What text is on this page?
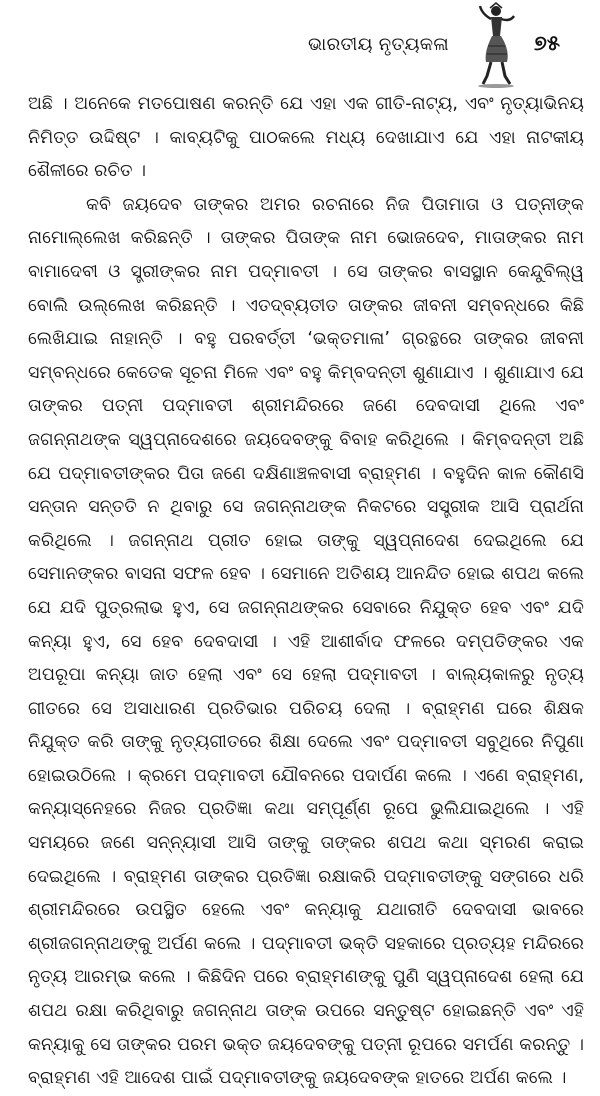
ଭାରତୀୟ ନୃତ୍ୟକଳା	୭୫

ଅଛି । ଅନେକେ ମତପୋଷଣ କରନ୍ତି ଯେ ଏହା ଏକ ଗୀତି-ନାଟ୍ୟ, ଏବଂ ନୃତ୍ୟାଭିନୟ ନିମିତ୍ତ ଉଦ୍ଦିଷ୍ଟ । କାବ୍ୟଟିକୁ ପାଠକଲେ ମଧ୍ୟ ଦେଖାଯାଏ ଯେ ଏହା ନାଟକୀୟ ଶୈଳୀରେ ରଚିତ ।

କବି ଜୟଦେବ ତାଙ୍କର ଅମର ରଚନାରେ ନିଜ ପିତାମାତା ଓ ପତ୍ନୀଙ୍କ ନାମୋଲ୍ଲେଖ କରିଛନ୍ତି । ତାଙ୍କର ପିତାଙ୍କ ନାମ ଭୋଜଦେବ, ମାତାଙ୍କର ନାମ ବାମାଦେବୀ ଓ ସ୍ତ୍ରୀଙ୍କର ନାମ ପଦ୍ମାବତୀ । ସେ ତାଙ୍କର ବାସସ୍ଥାନ କେନ୍ଦୁବିଲ୍ୱ ବୋଲି ଉଲ୍ଲେଖ କରିଛନ୍ତି । ଏତଦ୍‌ବ୍ୟତୀତ ତାଙ୍କର ଜୀବନୀ ସମ୍ବନ୍ଧରେ କିଛି ଲେଖିଯାଇ ନାହାନ୍ତି । ବହୁ ପରବର୍ତ୍ତୀ ‘ଭକ୍ତମାଳା’ ଗ୍ରନ୍ଥରେ ତାଙ୍କର ଜୀବନୀ ସମ୍ବନ୍ଧରେ କେତେକ ସୂଚନା ମିଳେ ଏବଂ ବହୁ କିମ୍ବଦନ୍ତୀ ଶୁଣାଯାଏ । ଶୁଣାଯାଏ ଯେ ତାଙ୍କର ପତ୍ନୀ ପଦ୍ମାବତୀ ଶ୍ରୀମନ୍ଦିରରେ ଜଣେ ଦେବଦାସୀ ଥିଲେ ଏବଂ ଜଗନ୍ନାଥଙ୍କ ସ୍ୱପ୍ନାଦେଶରେ ଜୟଦେବଙ୍କୁ ବିବାହ କରିଥିଲେ । କିମ୍ବଦନ୍ତୀ ଅଛି ଯେ ପଦ୍ମାବତୀଙ୍କର ପିତା ଜଣେ ଦକ୍ଷିଣାଞ୍ଚଳବାସୀ ବ୍ରାହ୍ମଣ । ବହୁଦିନ କାଳ କୌଣସି ସନ୍ତାନ ସନ୍ତତି ନ ଥିବାରୁ ସେ ଜଗନ୍ନାଥଙ୍କ ନିକଟରେ ସସ୍ତ୍ରୀକ ଆସି ପ୍ରାର୍ଥନା କରିଥିଲେ । ଜଗନ୍ନାଥ ପ୍ରୀତ ହୋଇ ତାଙ୍କୁ ସ୍ୱପ୍ନାଦେଶ ଦେଇଥିଲେ ଯେ ସେମାନଙ୍କର ବାସନା ସଫଳ ହେବ । ସେମାନେ ଅତିଶୟ ଆନନ୍ଦିତ ହୋଇ ଶପଥ କଲେ ଯେ ଯଦି ପୁତ୍ରଲାଭ ହୁଏ, ସେ ଜଗନ୍ନାଥଙ୍କର ସେବାରେ ନିଯୁକ୍ତ ହେବ ଏବଂ ଯଦି କନ୍ୟା ହୁଏ, ସେ ହେବ ଦେବଦାସୀ । ଏହି ଆଶୀର୍ବାଦ ଫଳରେ ଦମ୍ପତିଙ୍କର ଏକ ଅପରୂପା କନ୍ୟା ଜାତ ହେଲା ଏବଂ ସେ ହେଲା ପଦ୍ମାବତୀ । ବାଲ୍ୟକାଳରୁ ନୃତ୍ୟ ଗୀତରେ ସେ ଅସାଧାରଣ ପ୍ରତିଭାର ପରିଚୟ ଦେଲା । ବ୍ରାହ୍ମଣ ଘରେ ଶିକ୍ଷକ ନିଯୁକ୍ତ କରି ତାଙ୍କୁ ନୃତ୍ୟଗୀତରେ ଶିକ୍ଷା ଦେଲେ ଏବଂ ପଦ୍ମାବତୀ ସବୁଥିରେ ନିପୁଣା ହୋଇଉଠିଲେ । କ୍ରମେ ପଦ୍ମାବତୀ ଯୌବନରେ ପଦାର୍ପଣ କଲେ । ଏଣେ ବ୍ରାହ୍ମଣ, କନ୍ୟାସ୍ନେହରେ ନିଜର ପ୍ରତିଜ୍ଞା କଥା ସମ୍ପୂର୍ଣ୍ଣ ରୂପେ ଭୁଲିଯାଇଥିଲେ । ଏହି ସମୟରେ ଜଣେ ସନ୍ନ୍ୟାସୀ ଆସି ତାଙ୍କୁ ତାଙ୍କର ଶପଥ କଥା ସ୍ମରଣ କରାଇ ଦେଇଥିଲେ । ବ୍ରାହ୍ମଣ ତାଙ୍କର ପ୍ରତିଜ୍ଞା ରକ୍ଷାକରି ପଦ୍ମାବତୀଙ୍କୁ ସଙ୍ଗରେ ଧରି ଶ୍ରୀମନ୍ଦିରରେ ଉପସ୍ଥିତ ହେଲେ ଏବଂ କନ୍ୟାକୁ ଯଥାରୀତି ଦେବଦାସୀ ଭାବରେ ଶ୍ରୀଜଗନ୍ନାଥଙ୍କୁ ଅର୍ପଣ କଲେ । ପଦ୍ମାବତୀ ଭକ୍ତି ସହକାରେ ପ୍ରତ୍ୟହ ମନ୍ଦିରରେ ନୃତ୍ୟ ଆରମ୍ଭ କଲେ । କିଛିଦିନ ପରେ ବ୍ରାହ୍ମଣଙ୍କୁ ପୁଣି ସ୍ୱପ୍ନାଦେଶ ହେଲା ଯେ ଶପଥ ରକ୍ଷା କରିଥିବାରୁ ଜଗନ୍ନାଥ ତାଙ୍କ ଉପରେ ସନ୍ତୁଷ୍ଟ ହୋଇଛନ୍ତି ଏବଂ ଏହି କନ୍ୟାକୁ ସେ ତାଙ୍କର ପରମ ଭକ୍ତ ଜୟଦେବଙ୍କୁ ପତ୍ନୀ ରୂପରେ ସମର୍ପଣ କରନ୍ତୁ । ବ୍ରାହ୍ମଣ ଏହି ଆଦେଶ ପାଇଁ ପଦ୍ମାବତୀଙ୍କୁ ଜୟଦେବଙ୍କ ହାତରେ ଅର୍ପଣ କଲେ ।
